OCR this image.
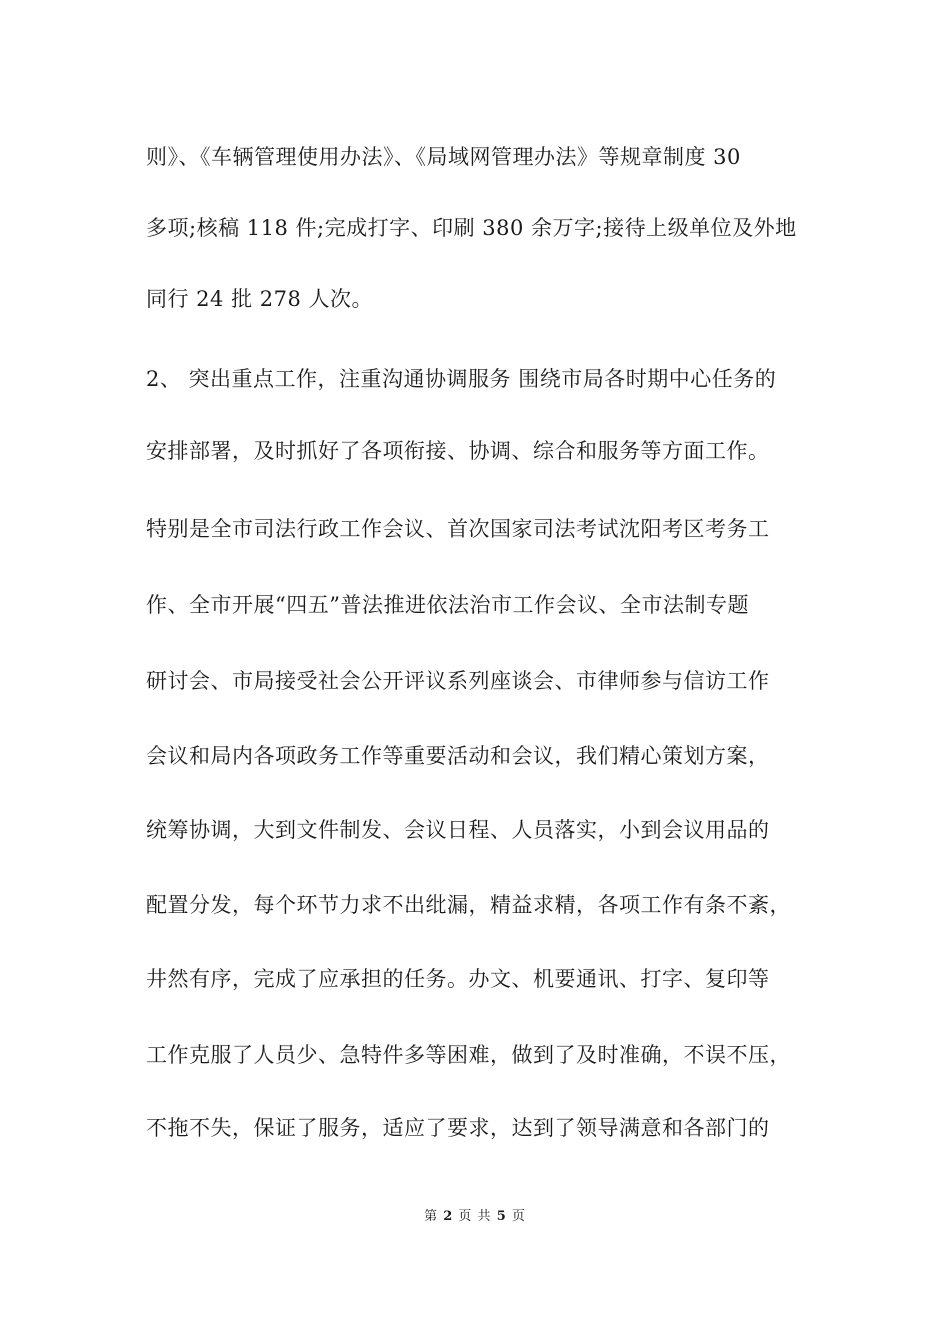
则》、《车辆管理使用办法》、《局域网管理办法》等规章制度 30
多项;核稿 118 件;完成打字、印刷 380 余万字;接待上级单位及外地
同行 24 批 278 人次。
2、 突出重点工作，注重沟通协调服务 围绕市局各时期中心任务的
安排部署，及时抓好了各项衔接、协调、综合和服务等方面工作。
特别是全市司法行政工作会议、首次国家司法考试沈阳考区考务工
作、全市开展“四五”普法推进依法治市工作会议、全市法制专题
研讨会、市局接受社会公开评议系列座谈会、市律师参与信访工作
会议和局内各项政务工作等重要活动和会议，我们精心策划方案，
统筹协调，大到文件制发、会议日程、人员落实，小到会议用品的
配置分发，每个环节力求不出纰漏，精益求精，各项工作有条不紊，
井然有序，完成了应承担的任务。办文、机要通讯、打字、复印等
工作克服了人员少、急特件多等困难，做到了及时准确，不误不压，
不拖不失，保证了服务，适应了要求，达到了领导满意和各部门的
第 2 页 共 5 页
